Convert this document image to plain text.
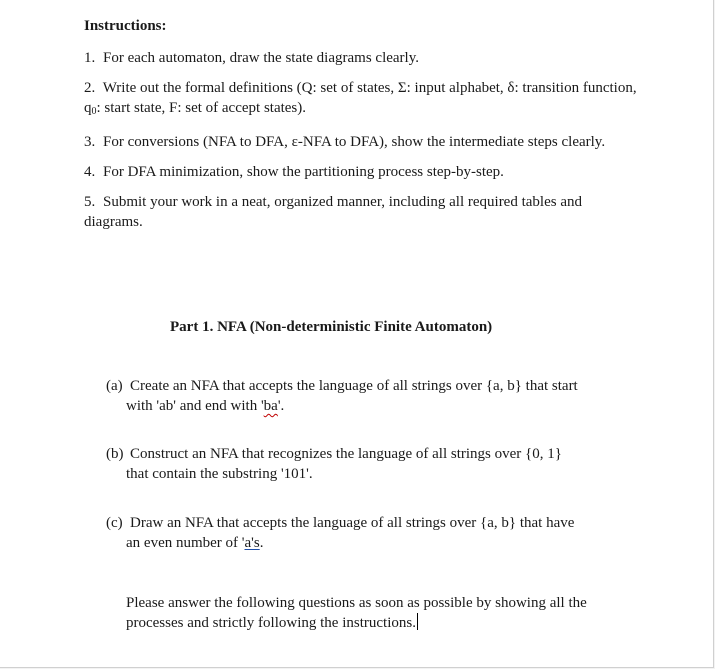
Instructions:
1. For each automaton, draw the state diagrams clearly.
2. Write out the formal definitions (Q: set of states, Σ: input alphabet, δ: transition function, $q_0$: start state, F: set of accept states).
3. For conversions (NFA to DFA, ε-NFA to DFA), show the intermediate steps clearly.
4. For DFA minimization, show the partitioning process step-by-step.
5. Submit your work in a neat, organized manner, including all required tables and diagrams.
Part 1. NFA (Non-deterministic Finite Automaton)
(a) Create an NFA that accepts the language of all strings over {a, b} that start
with 'ab' and end with 'ba'.
(b) Construct an NFA that recognizes the language of all strings over {0, 1}
that contain the substring '101'.
(c) Draw an NFA that accepts the language of all strings over {a, b} that have
an even number of 'a's.
Please answer the following questions as soon as possible by showing all the processes and strictly following the instructions.
